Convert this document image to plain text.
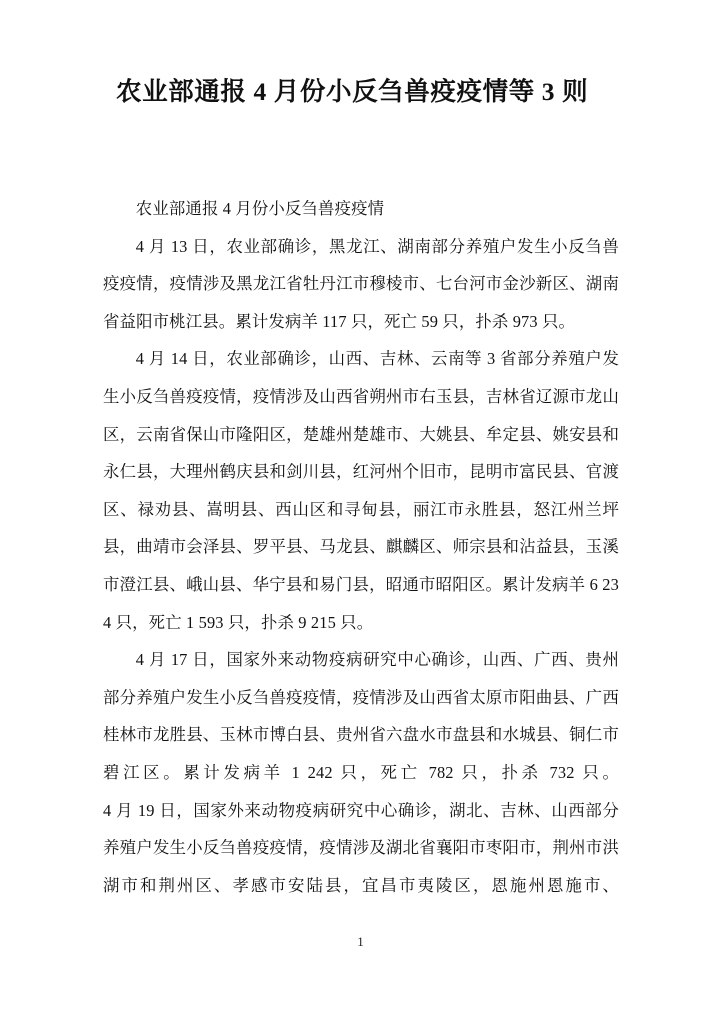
农业部通报 4 月份小反刍兽疫疫情等 3 则

农业部通报 4 月份小反刍兽疫疫情

4 月 13 日，农业部确诊，黑龙江、湖南部分养殖户发生小反刍兽疫疫情，疫情涉及黑龙江省牡丹江市穆棱市、七台河市金沙新区、湖南省益阳市桃江县。累计发病羊 117 只，死亡 59 只，扑杀 973 只。

4 月 14 日，农业部确诊，山西、吉林、云南等 3 省部分养殖户发生小反刍兽疫疫情，疫情涉及山西省朔州市右玉县，吉林省辽源市龙山区，云南省保山市隆阳区，楚雄州楚雄市、大姚县、牟定县、姚安县和永仁县，大理州鹤庆县和剑川县，红河州个旧市，昆明市富民县、官渡区、禄劝县、嵩明县、西山区和寻甸县，丽江市永胜县，怒江州兰坪县，曲靖市会泽县、罗平县、马龙县、麒麟区、师宗县和沾益县，玉溪市澄江县、峨山县、华宁县和易门县，昭通市昭阳区。累计发病羊 6 234 只，死亡 1 593 只，扑杀 9 215 只。

4 月 17 日，国家外来动物疫病研究中心确诊，山西、广西、贵州部分养殖户发生小反刍兽疫疫情，疫情涉及山西省太原市阳曲县、广西桂林市龙胜县、玉林市博白县、贵州省六盘水市盘县和水城县、铜仁市碧江区。累计发病羊 1 242 只，死亡 782 只，扑杀 732 只。

4 月 19 日，国家外来动物疫病研究中心确诊，湖北、吉林、山西部分养殖户发生小反刍兽疫疫情，疫情涉及湖北省襄阳市枣阳市，荆州市洪湖市和荆州区、孝感市安陆县，宜昌市夷陵区，恩施州恩施市、

1
